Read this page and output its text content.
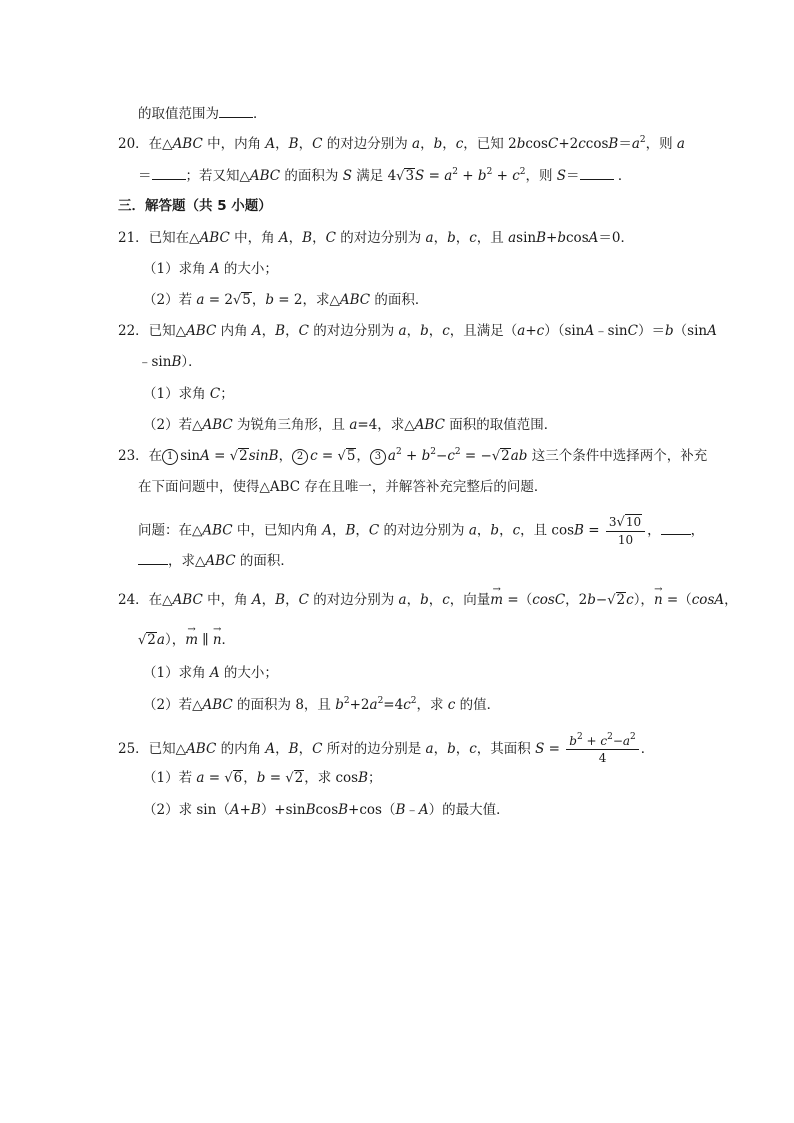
的取值范围为	．
20．在△ABC 中，内角 A，B，C 的对边分别为 a，b，c，已知 $2bcosC+2ccosB=a^2$，则 a
＝	；若又知△ABC 的面积为 S 满足 $4√3S = a^2 + b^2 + c^2$，则 S＝	．
三．解答题（共 5 小题）
21．已知在△ABC 中，角 A，B，C 的对边分别为 a，b，c，且 asinB+bcosA＝0．
（1）求角 A 的大小；
（2）若 a = 2√5，b = 2，求△ABC 的面积．
22．已知△ABC 内角 A，B，C 的对边分别为 a，b，c，且满足（a+c）（sinA﹣sinC）＝b（sinA
﹣sinB）．
（1）求角 C；
（2）若△ABC 为锐角三角形，且 a=4，求△ABC 面积的取值范围．
23．在 1 sinA = √2sinB， 2 c = √5， 3 $a^2 + b^2-c^2 = -√2ab$ 这三个条件中选择两个，补充
在下面问题中，使得△ABC 存在且唯一，并解答补充完整后的问题．
问题：在△ABC 中，已知内角 A，B，C 的对边分别为 a，b，c，且 $\cos B = \frac{3√10}{10}$ ， ，
，求△ABC 的面积．
24．在△ABC 中，角 A，B，C 的对边分别为 a，b，c，向量
→
m =（cosC，2b−√2c），
→
n =（cosA，
√2a），
→
m ∥
→
n．
（1）求角 A 的大小；
（2）若△ABC 的面积为 8，且 $b^2+2a^2=4c^2$，求 c 的值．
25．已知△ABC 的内角 A，B，C 所对的边分别是 a，b，c，其面积 $S = \frac{b^2 + c^2-a^2}{4}$ ．
（1）若 a = √6，b = √2，求 cosB；
（2）求 sin（A+B）+sinBcosB+cos（B﹣A）的最大值．
